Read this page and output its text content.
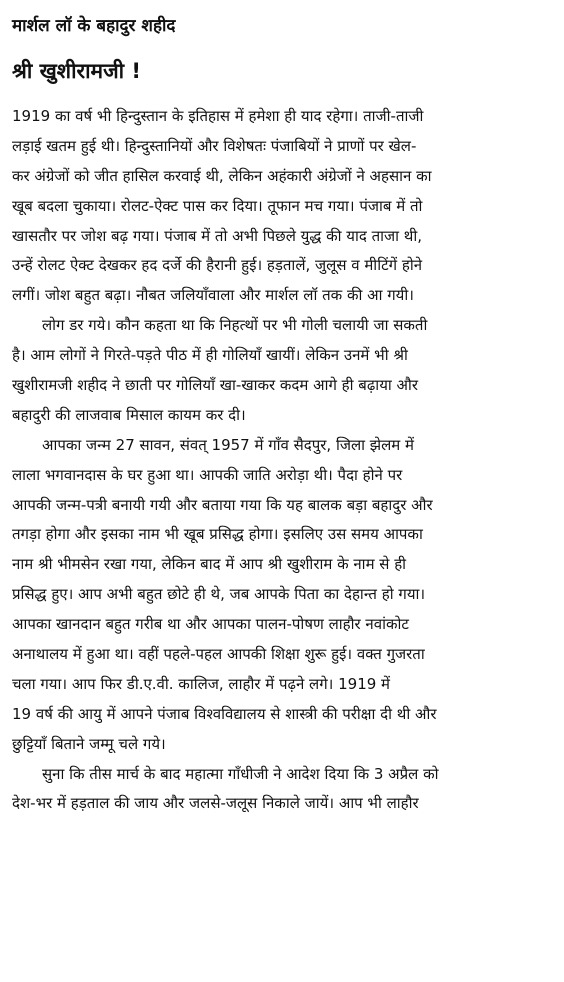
मार्शल लॉ के बहादुर शहीद
श्री खुशीरामजी !
1919 का वर्ष भी हिन्दुस्तान के इतिहास में हमेशा ही याद रहेगा। ताजी-ताजी
लड़ाई खतम हुई थी। हिन्दुस्तानियों और विशेषतः पंजाबियों ने प्राणों पर खेल-
कर अंग्रेजों को जीत हासिल करवाई थी, लेकिन अहंकारी अंग्रेजों ने अहसान का
खूब बदला चुकाया। रोलट-ऐक्ट पास कर दिया। तूफान मच गया। पंजाब में तो
खासतौर पर जोश बढ़ गया। पंजाब में तो अभी पिछले युद्ध की याद ताजा थी,
उन्हें रोलट ऐक्ट देखकर हद दर्जे की हैरानी हुई। हड़तालें, जुलूस व मीटिंगें होने
लगीं। जोश बहुत बढ़ा। नौबत जलियाँवाला और मार्शल लॉ तक की आ गयी।
लोग डर गये। कौन कहता था कि निहत्थों पर भी गोली चलायी जा सकती
है। आम लोगों ने गिरते-पड़ते पीठ में ही गोलियाँ खायीं। लेकिन उनमें भी श्री
खुशीरामजी शहीद ने छाती पर गोलियाँ खा-खाकर कदम आगे ही बढ़ाया और
बहादुरी की लाजवाब मिसाल कायम कर दी।
आपका जन्म 27 सावन, संवत् 1957 में गाँव सैदपुर, जिला झेलम में
लाला भगवानदास के घर हुआ था। आपकी जाति अरोड़ा थी। पैदा होने पर
आपकी जन्म-पत्री बनायी गयी और बताया गया कि यह बालक बड़ा बहादुर और
तगड़ा होगा और इसका नाम भी खूब प्रसिद्ध होगा। इसलिए उस समय आपका
नाम श्री भीमसेन रखा गया, लेकिन बाद में आप श्री खुशीराम के नाम से ही
प्रसिद्ध हुए। आप अभी बहुत छोटे ही थे, जब आपके पिता का देहान्त हो गया।
आपका खानदान बहुत गरीब था और आपका पालन-पोषण लाहौर नवांकोट
अनाथालय में हुआ था। वहीं पहले-पहल आपकी शिक्षा शुरू हुई। वक्त गुजरता
चला गया। आप फिर डी.ए.वी. कालिज, लाहौर में पढ़ने लगे। 1919 में
19 वर्ष की आयु में आपने पंजाब विश्वविद्यालय से शास्त्री की परीक्षा दी थी और
छुट्टियाँ बिताने जम्मू चले गये।
सुना कि तीस मार्च के बाद महात्मा गाँधीजी ने आदेश दिया कि 3 अप्रैल को
देश-भर में हड़ताल की जाय और जलसे-जलूस निकाले जायें। आप भी लाहौर
